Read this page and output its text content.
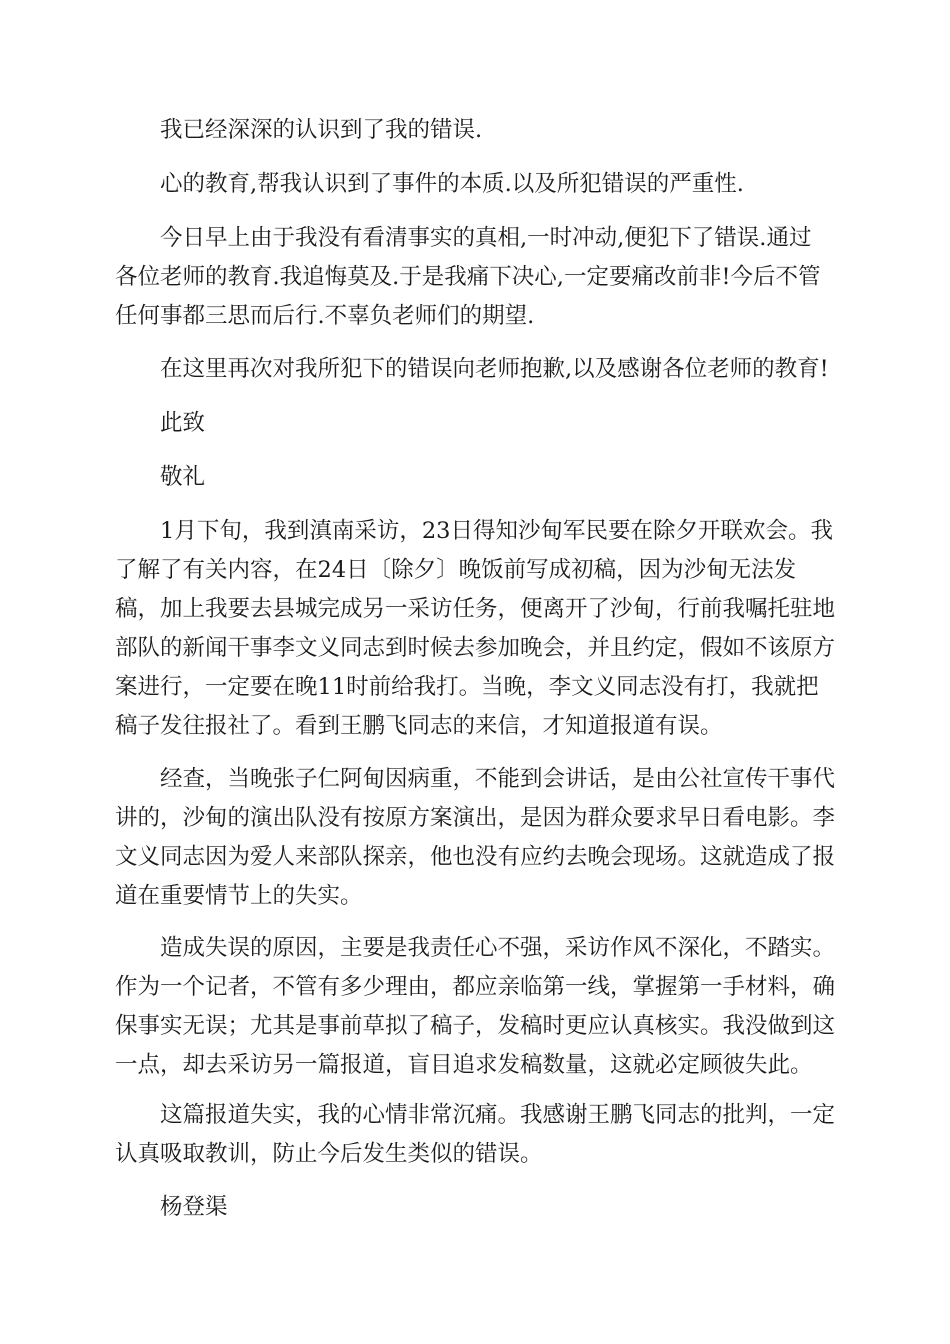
我已经深深的认识到了我的错误.

心的教育,帮我认识到了事件的本质.以及所犯错误的严重性.

今日早上由于我没有看清事实的真相,一时冲动,便犯下了错误.通过
各位老师的教育.我追悔莫及.于是我痛下决心,一定要痛改前非!今后不管
任何事都三思而后行.不辜负老师们的期望.

在这里再次对我所犯下的错误向老师抱歉,以及感谢各位老师的教育!

此致

敬礼

1月下旬，我到滇南采访，23日得知沙甸军民要在除夕开联欢会。我
了解了有关内容，在24日〔除夕〕晚饭前写成初稿，因为沙甸无法发
稿，加上我要去县城完成另一采访任务，便离开了沙甸，行前我嘱托驻地
部队的新闻干事李文义同志到时候去参加晚会，并且约定，假如不该原方
案进行，一定要在晚11时前给我打。当晚，李文义同志没有打，我就把
稿子发往报社了。看到王鹏飞同志的来信，才知道报道有误。

经查，当晚张子仁阿甸因病重，不能到会讲话，是由公社宣传干事代
讲的，沙甸的演出队没有按原方案演出，是因为群众要求早日看电影。李
文义同志因为爱人来部队探亲，他也没有应约去晚会现场。这就造成了报
道在重要情节上的失实。

造成失误的原因，主要是我责任心不强，采访作风不深化，不踏实。
作为一个记者，不管有多少理由，都应亲临第一线，掌握第一手材料，确
保事实无误；尤其是事前草拟了稿子，发稿时更应认真核实。我没做到这
一点，却去采访另一篇报道，盲目追求发稿数量，这就必定顾彼失此。

这篇报道失实，我的心情非常沉痛。我感谢王鹏飞同志的批判，一定
认真吸取教训，防止今后发生类似的错误。

杨登渠
